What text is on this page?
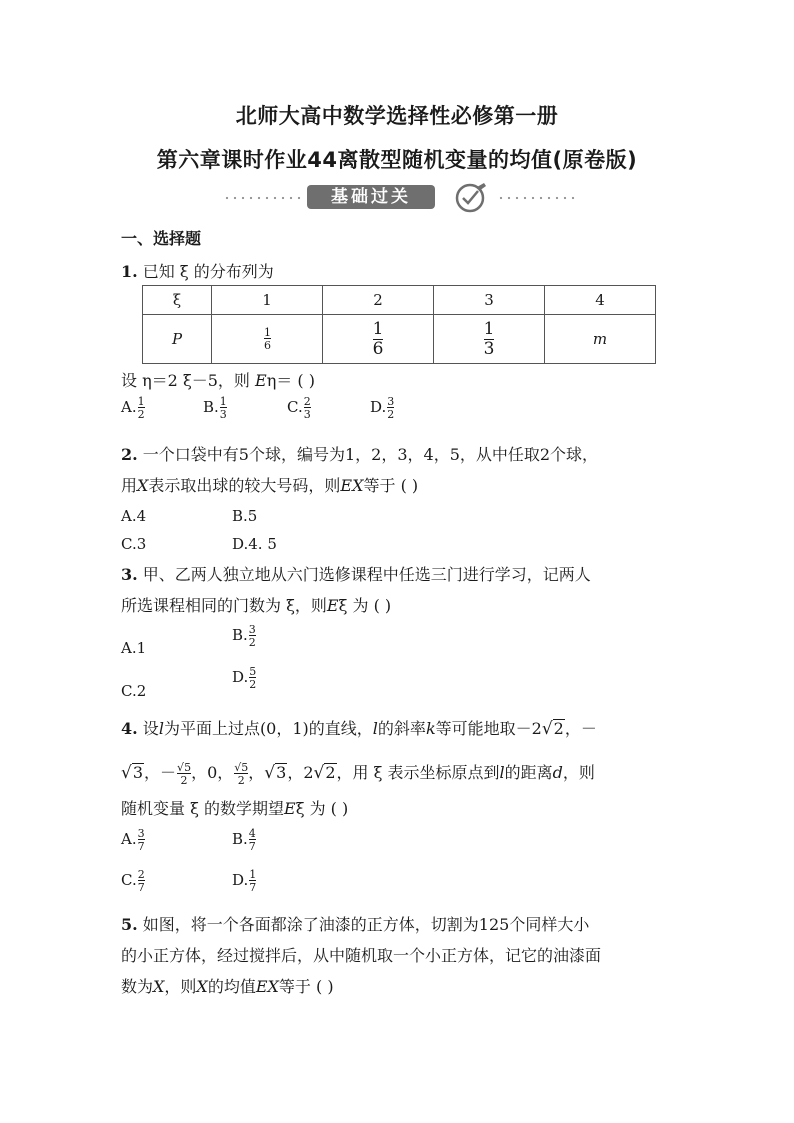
北师大高中数学选择性必修第一册
第六章课时作业44离散型随机变量的均值(原卷版)
基础过关
一、选择题
1. 已知 ξ 的分布列为
ξ	1	2	3	4
P	$\frac{1}{6}$	$\frac{1}{6}$	$\frac{1}{3}$	m
设 η＝2 ξ－5，则 Eη＝ ( )
A. $\frac{1}{2}$	B. $\frac{1}{3}$	C. $\frac{2}{3}$	D. $\frac{3}{2}$
2. 一个口袋中有5个球，编号为1，2，3，4，5，从中任取2个球，
用X表示取出球的较大号码，则EX等于 ( )
A.4	B.5
C.3	D.4. 5
3. 甲、乙两人独立地从六门选修课程中任选三门进行学习，记两人
所选课程相同的门数为 ξ，则Eξ 为 ( )
A.1
B. $\frac{3}{2}$
C.2
D. $\frac{5}{2}$
4. 设l为平面上过点(0，1)的直线，l的斜率k等可能地取－2√2，－
√3，－ $\frac{√5}{2}$ ，0， $\frac{√5}{2}$ ，√3，2√2，用 ξ 表示坐标原点到l的距离d，则
随机变量 ξ 的数学期望Eξ 为 ( )
A. $\frac{3}{7}$	B. $\frac{4}{7}$
C. $\frac{2}{7}$	D. $\frac{1}{7}$
5. 如图，将一个各面都涂了油漆的正方体，切割为125个同样大小
的小正方体，经过搅拌后，从中随机取一个小正方体，记它的油漆面
数为X，则X的均值EX等于 ( )
